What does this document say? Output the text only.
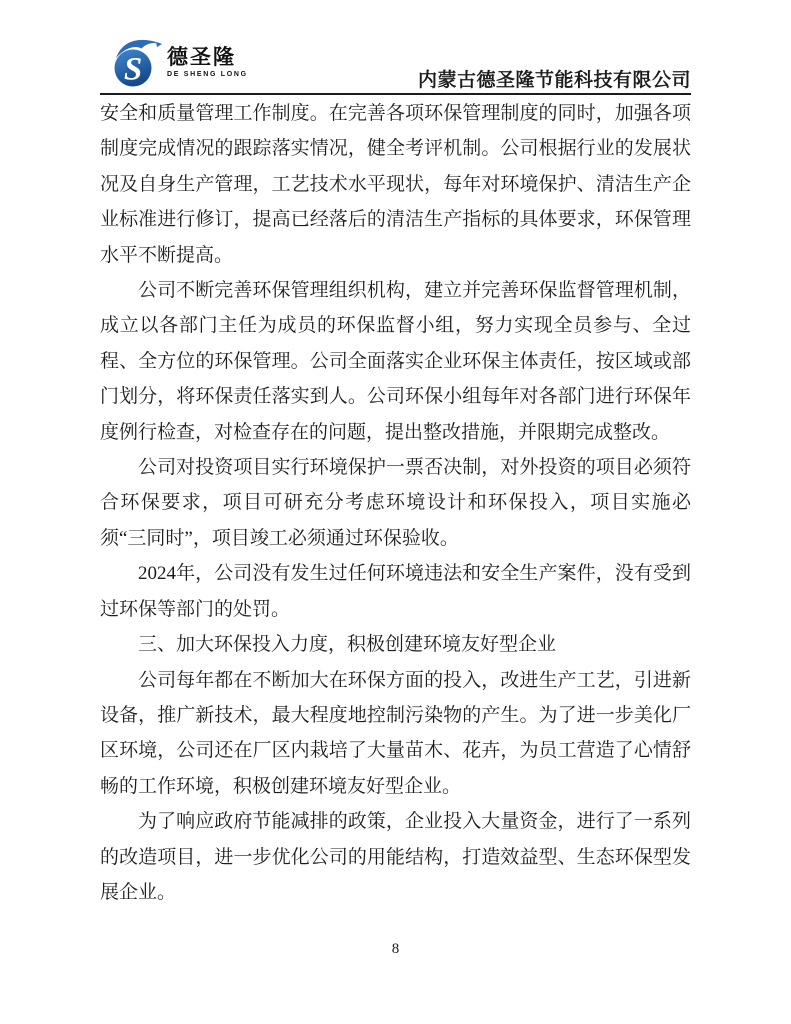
S 德圣隆
DE SHENG LONG	内蒙古德圣隆节能科技有限公司

安全和质量管理工作制度。在完善各项环保管理制度的同时，加强各项制度完成情况的跟踪落实情况，健全考评机制。公司根据行业的发展状况及自身生产管理，工艺技术水平现状，每年对环境保护、清洁生产企业标准进行修订，提高已经落后的清洁生产指标的具体要求，环保管理水平不断提高。

公司不断完善环保管理组织机构，建立并完善环保监督管理机制，成立以各部门主任为成员的环保监督小组，努力实现全员参与、全过程、全方位的环保管理。公司全面落实企业环保主体责任，按区域或部门划分，将环保责任落实到人。公司环保小组每年对各部门进行环保年度例行检查，对检查存在的问题，提出整改措施，并限期完成整改。

公司对投资项目实行环境保护一票否决制，对外投资的项目必须符合环保要求，项目可研充分考虑环境设计和环保投入，项目实施必须“三同时”，项目竣工必须通过环保验收。

2024年，公司没有发生过任何环境违法和安全生产案件，没有受到过环保等部门的处罚。

三、加大环保投入力度，积极创建环境友好型企业

公司每年都在不断加大在环保方面的投入，改进生产工艺，引进新设备，推广新技术，最大程度地控制污染物的产生。为了进一步美化厂区环境，公司还在厂区内栽培了大量苗木、花卉，为员工营造了心情舒畅的工作环境，积极创建环境友好型企业。

为了响应政府节能减排的政策，企业投入大量资金，进行了一系列的改造项目，进一步优化公司的用能结构，打造效益型、生态环保型发展企业。

8
